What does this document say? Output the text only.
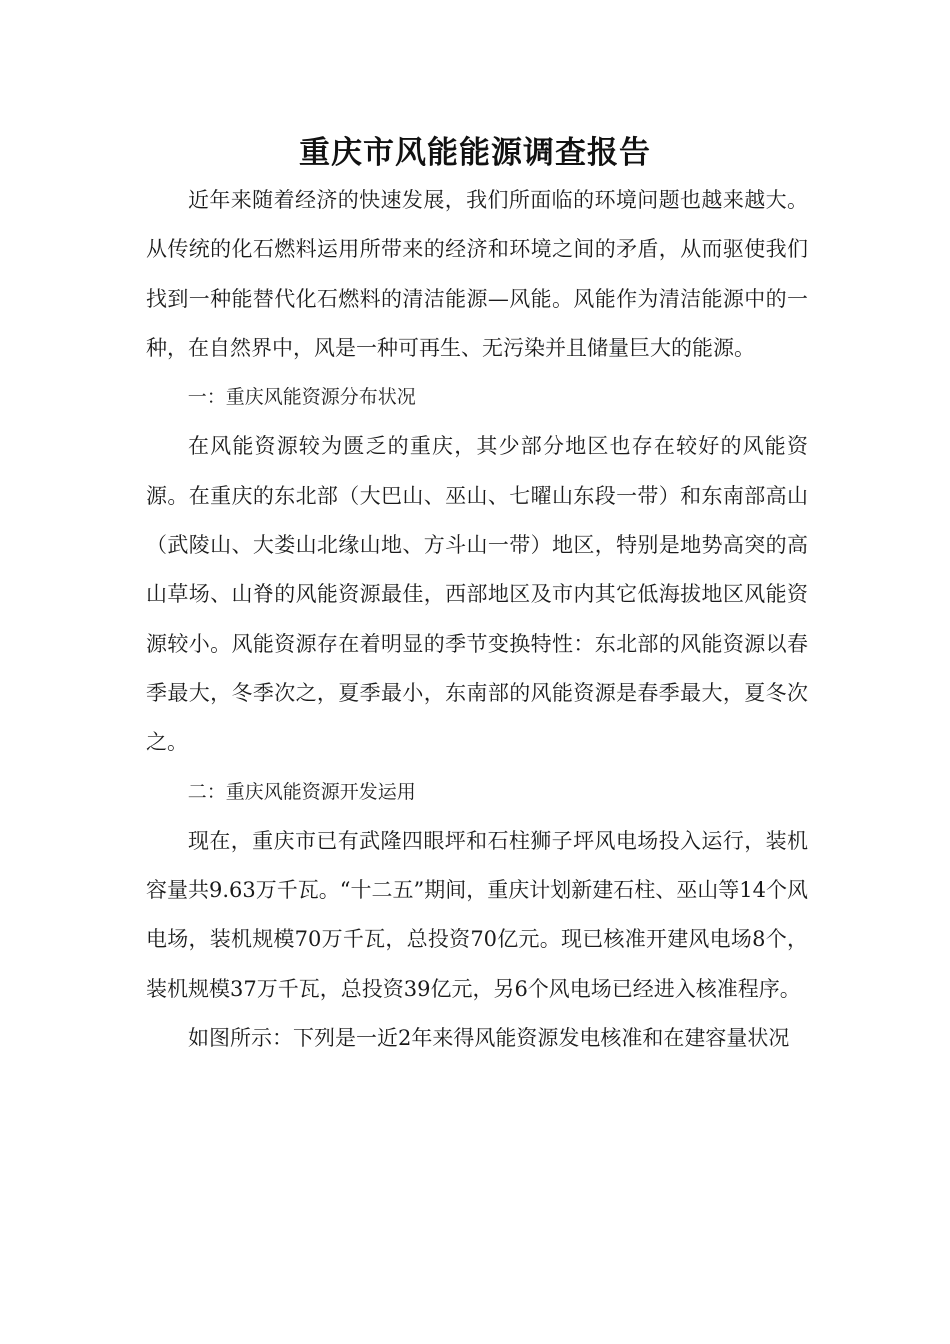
重庆市风能能源调查报告

近年来随着经济的快速发展，我们所面临的环境问题也越来越大。从传统的化石燃料运用所带来的经济和环境之间的矛盾，从而驱使我们找到一种能替代化石燃料的清洁能源—风能。风能作为清洁能源中的一种，在自然界中，风是一种可再生、无污染并且储量巨大的能源。

一：重庆风能资源分布状况

在风能资源较为匮乏的重庆，其少部分地区也存在较好的风能资源。在重庆的东北部（大巴山、巫山、七曜山东段一带）和东南部高山（武陵山、大娄山北缘山地、方斗山一带）地区，特别是地势高突的高山草场、山脊的风能资源最佳，西部地区及市内其它低海拔地区风能资源较小。风能资源存在着明显的季节变换特性：东北部的风能资源以春季最大，冬季次之，夏季最小，东南部的风能资源是春季最大，夏冬次之。

二：重庆风能资源开发运用

现在，重庆市已有武隆四眼坪和石柱狮子坪风电场投入运行，装机容量共9.63万千瓦。“十二五”期间，重庆计划新建石柱、巫山等14个风电场，装机规模70万千瓦，总投资70亿元。现已核准开建风电场8个，装机规模37万千瓦，总投资39亿元，另6个风电场已经进入核准程序。

如图所示：下列是一近2年来得风能资源发电核准和在建容量状况
